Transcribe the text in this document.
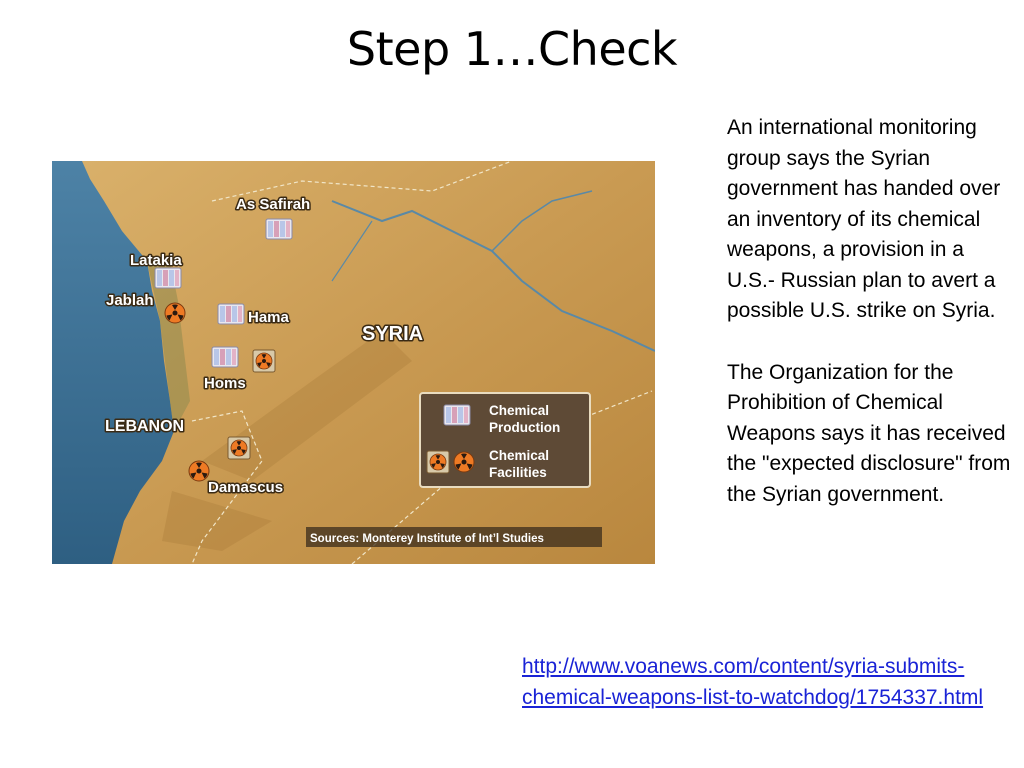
Step 1…Check
As Safirah
Latakia
Jablah
Hama
Homs
Damascus
SYRIA
LEBANON
Chemical
Production
Chemical
Facilities
Sources: Monterey Institute of Int’l Studies

An international monitoring group says the Syrian government has handed over an inventory of its chemical weapons, a provision in a U.S.- Russian plan to avert a possible U.S. strike on Syria.

The Organization for the Prohibition of Chemical Weapons says it has received the "expected disclosure" from the Syrian government.

http://www.voanews.com/content/syria-submits-chemical-weapons-list-to-watchdog/1754337.html
